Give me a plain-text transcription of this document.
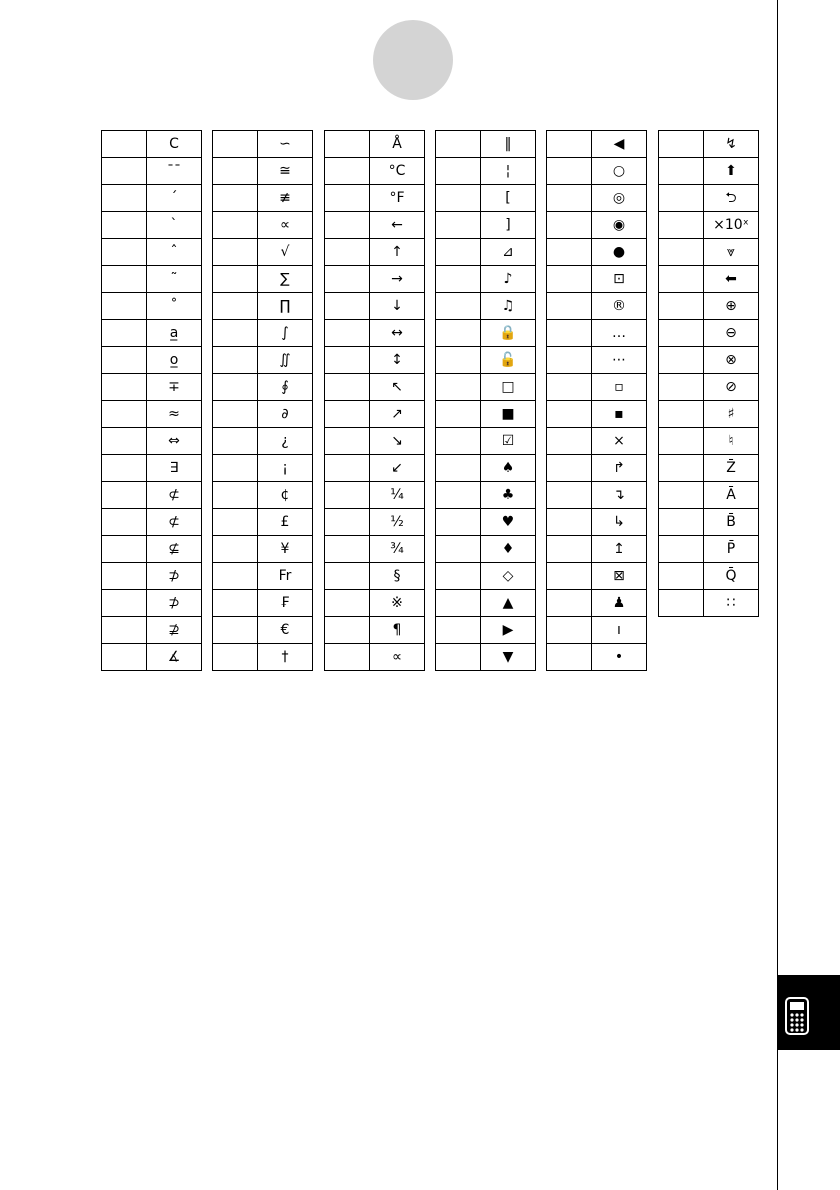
	C
	¯¯
	ˊ
	ˋ
	ˆ
	˜
	˚
	a̲
	o̲
	∓
	≈
	⇔
	∃
	⊄
	⊄
	⊈
	⊅
	⊅
	⊉
	∡
	∽
	≅
	≢
	∝
	√
	∑
	∏
	∫
	∬
	∮
	∂
	¿
	¡
	¢
	£
	¥
	Fr
	₣
	€
	†
	Å
	°C
	°F
	←
	↑
	→
	↓
	↔
	↕
	↖
	↗
	↘
	↙
	¼
	½
	¾
	§
	※
	¶
	∝
	‖
	¦
	[
	]
	⊿
	♪
	♫
	🔒
	🔓
	□
	■
	☑
	♠
	♣
	♥
	♦
	◇
	▲
	▶
	▼
	◀
	○
	◎
	◉
	●
	⊡
	®
	…
	⋯
	▫
	▪
	×
	↱
	↴
	↳
	↥
	⊠
	♟
	ı
	•
	↯
	⬆
	⮌
	×10ˣ
	⩔
	⬅
	⊕
	⊖
	⊗
	⊘
	♯
	♮
	Z̄
	Ā
	B̄
	P̄
	Q̄
	∷
